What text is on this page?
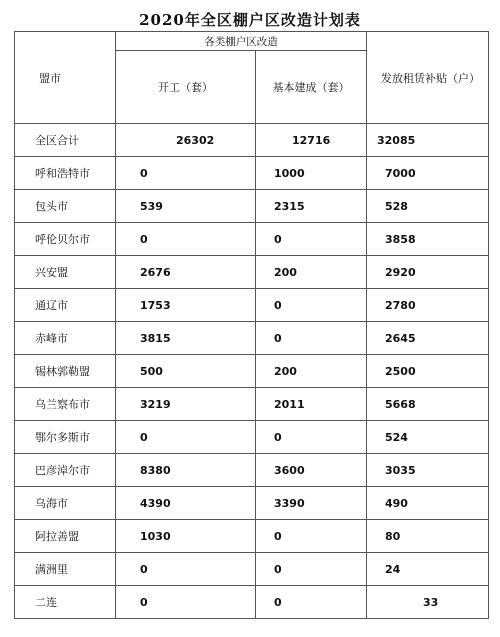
2020年全区棚户区改造计划表
盟市	各类棚户区改造		发放租赁补贴（户）
	开工（套）	基本建成（套）	
全区合计	26302	12716	32085
呼和浩特市	0	1000	7000
包头市	539	2315	528
呼伦贝尔市	0	0	3858
兴安盟	2676	200	2920
通辽市	1753	0	2780
赤峰市	3815	0	2645
锡林郭勒盟	500	200	2500
乌兰察布市	3219	2011	5668
鄂尔多斯市	0	0	524
巴彦淖尔市	8380	3600	3035
乌海市	4390	3390	490
阿拉善盟	1030	0	80
满洲里	0	0	24
二连	0	0	33
